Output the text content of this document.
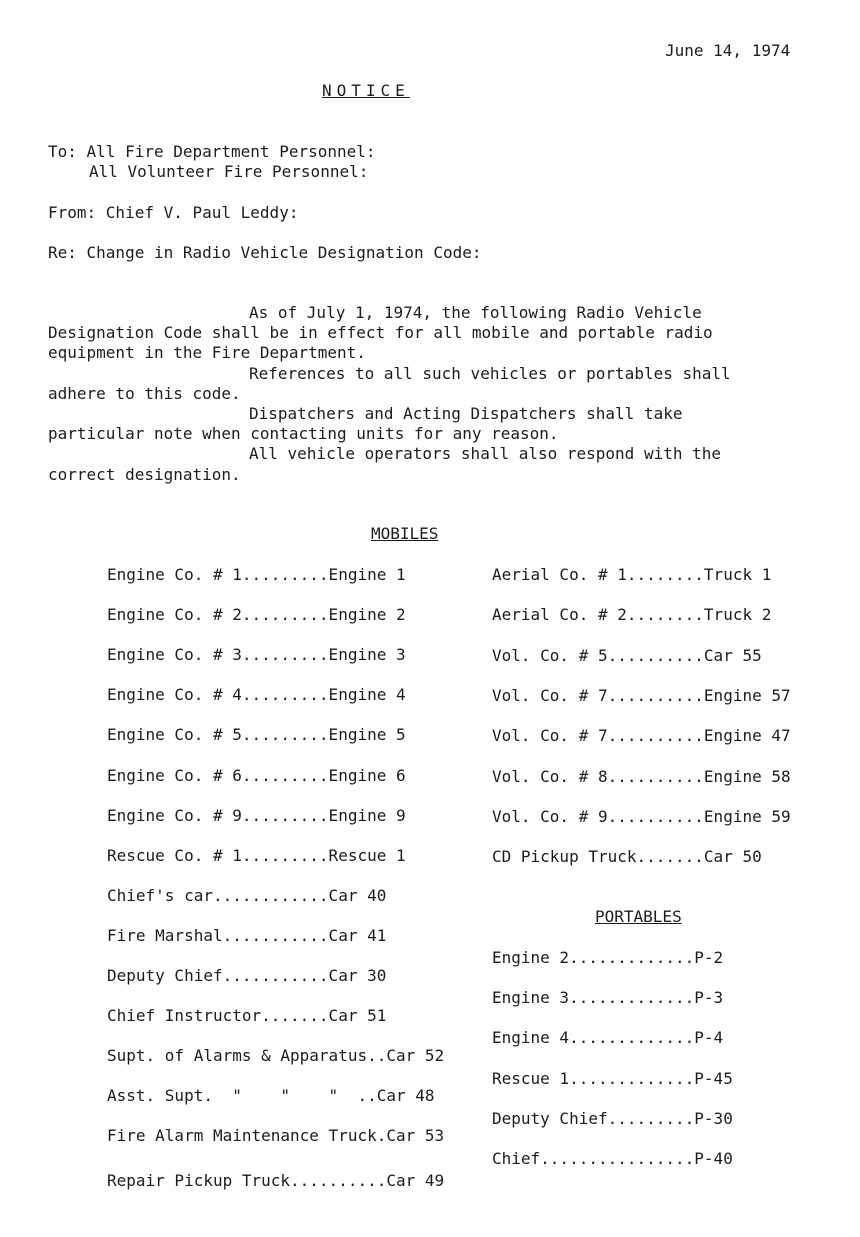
June 14, 1974
NOTICE
To: All Fire Department Personnel:
All Volunteer Fire Personnel:
From: Chief V. Paul Leddy:
Re: Change in Radio Vehicle Designation Code:
As of July 1, 1974, the following Radio Vehicle
Designation Code shall be in effect for all mobile and portable radio
equipment in the Fire Department.
References to all such vehicles or portables shall
adhere to this code.
Dispatchers and Acting Dispatchers shall take
particular note when contacting units for any reason.
All vehicle operators shall also respond with the
correct designation.
MOBILES
Engine Co. # 1.........Engine 1
Engine Co. # 2.........Engine 2
Engine Co. # 3.........Engine 3
Engine Co. # 4.........Engine 4
Engine Co. # 5.........Engine 5
Engine Co. # 6.........Engine 6
Engine Co. # 9.........Engine 9
Rescue Co. # 1.........Rescue 1
Chief's car............Car 40
Fire Marshal...........Car 41
Deputy Chief...........Car 30
Chief Instructor.......Car 51
Supt. of Alarms & Apparatus..Car 52
Asst. Supt.  "    "    "  ..Car 48
Fire Alarm Maintenance Truck.Car 53
Repair Pickup Truck..........Car 49
Aerial Co. # 1........Truck 1
Aerial Co. # 2........Truck 2
Vol. Co. # 5..........Car 55
Vol. Co. # 7..........Engine 57
Vol. Co. # 7..........Engine 47
Vol. Co. # 8..........Engine 58
Vol. Co. # 9..........Engine 59
CD Pickup Truck.......Car 50
PORTABLES
Engine 2.............P-2
Engine 3.............P-3
Engine 4.............P-4
Rescue 1.............P-45
Deputy Chief.........P-30
Chief................P-40
